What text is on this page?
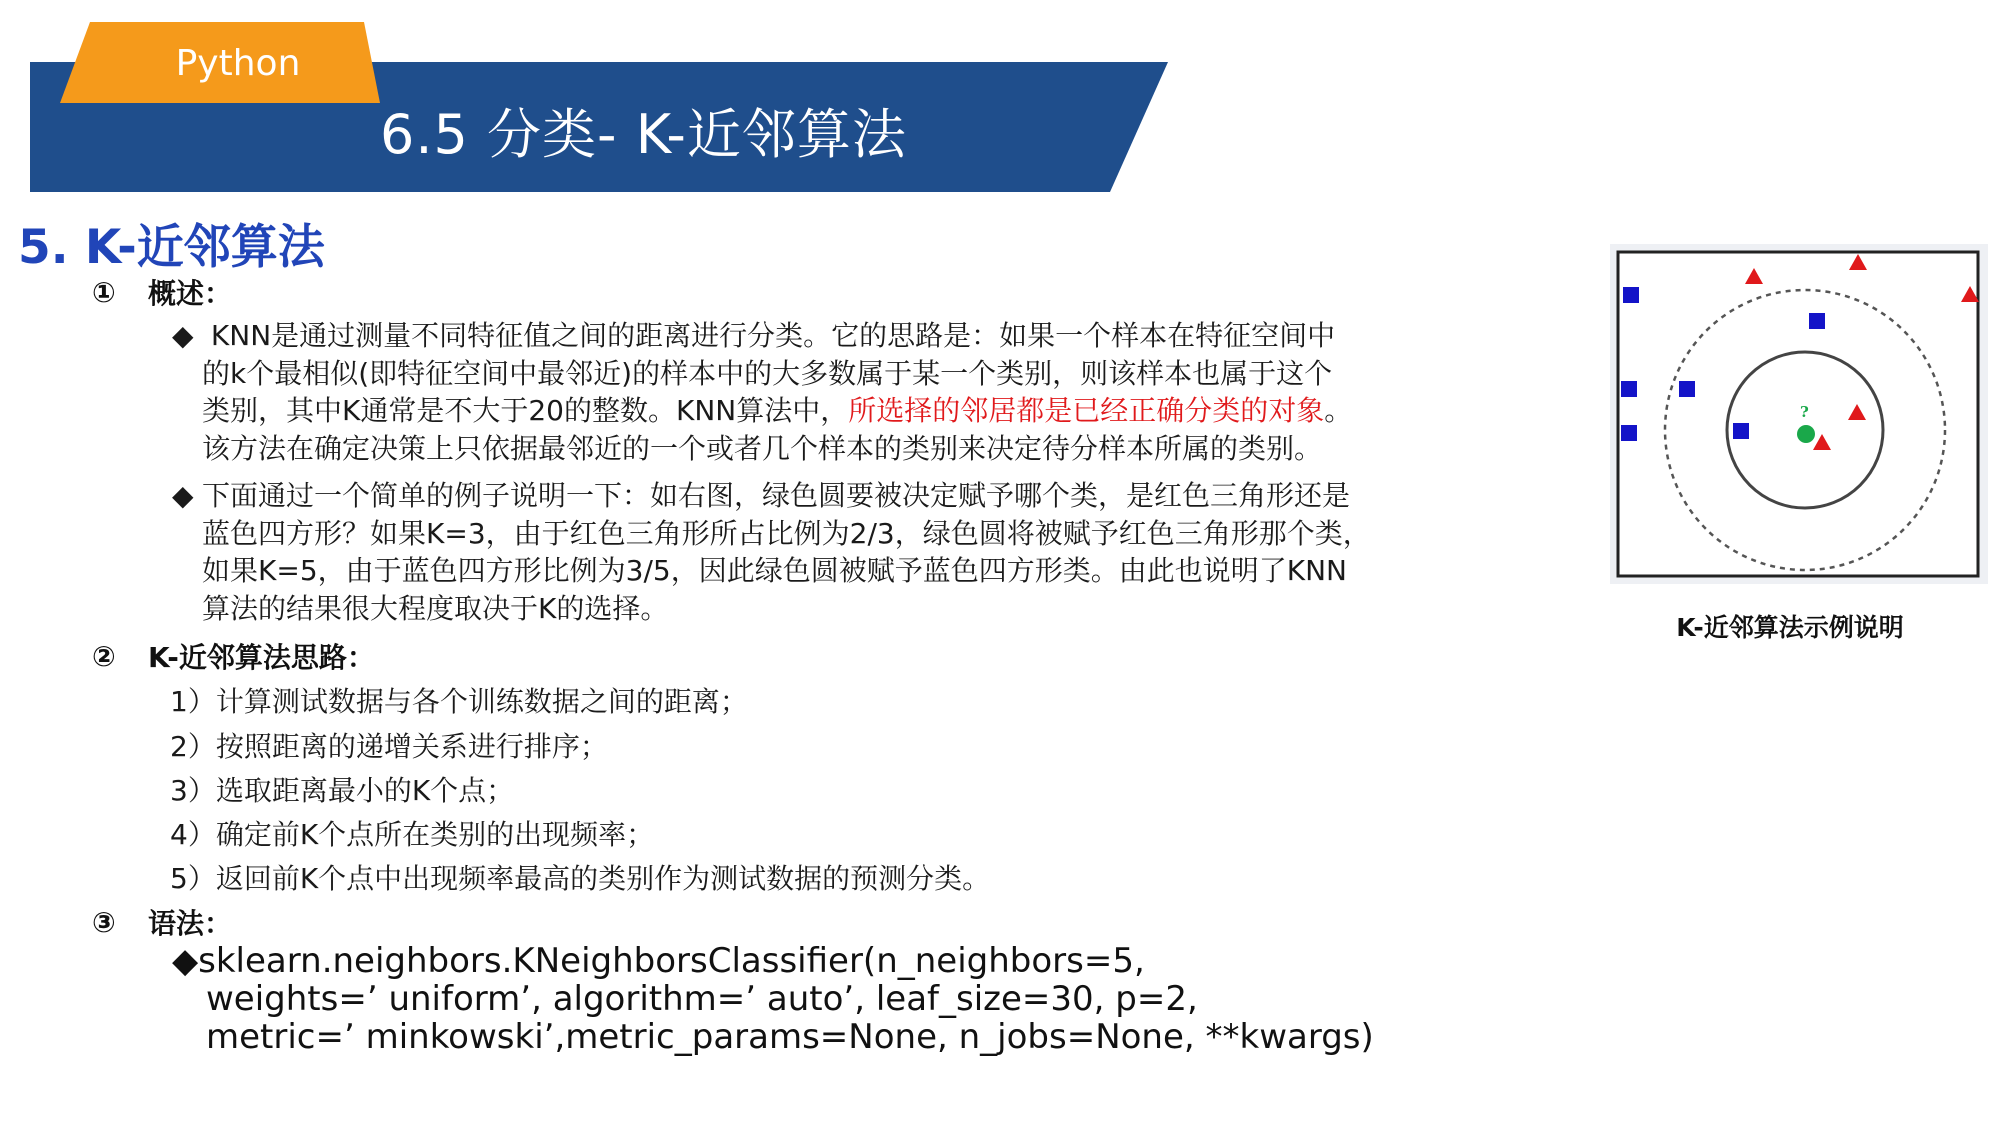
Python
6.5 分类- K-近邻算法
5. K-近邻算法
①	概述：
◆ KNN是通过测量不同特征值之间的距离进行分类。它的思路是：如果一个样本在特征空间中
的k个最相似(即特征空间中最邻近)的样本中的大多数属于某一个类别，则该样本也属于这个
类别，其中K通常是不大于20的整数。KNN算法中，所选择的邻居都是已经正确分类的对象。
该方法在确定决策上只依据最邻近的一个或者几个样本的类别来决定待分样本所属的类别。
◆ 下面通过一个简单的例子说明一下：如右图，绿色圆要被决定赋予哪个类，是红色三角形还是
蓝色四方形？如果K=3，由于红色三角形所占比例为2/3，绿色圆将被赋予红色三角形那个类，
如果K=5，由于蓝色四方形比例为3/5，因此绿色圆被赋予蓝色四方形类。由此也说明了KNN
算法的结果很大程度取决于K的选择。
②	K-近邻算法思路：
1）计算测试数据与各个训练数据之间的距离；
2）按照距离的递增关系进行排序；
3）选取距离最小的K个点；
4）确定前K个点所在类别的出现频率；
5）返回前K个点中出现频率最高的类别作为测试数据的预测分类。
③	语法：
◆sklearn.neighbors.KNeighborsClassifier(n_neighbors=5,
weights=’ uniform’, algorithm=’ auto’, leaf_size=30, p=2,
metric=’ minkowski’,metric_params=None, n_jobs=None, **kwargs)
?
K-近邻算法示例说明
